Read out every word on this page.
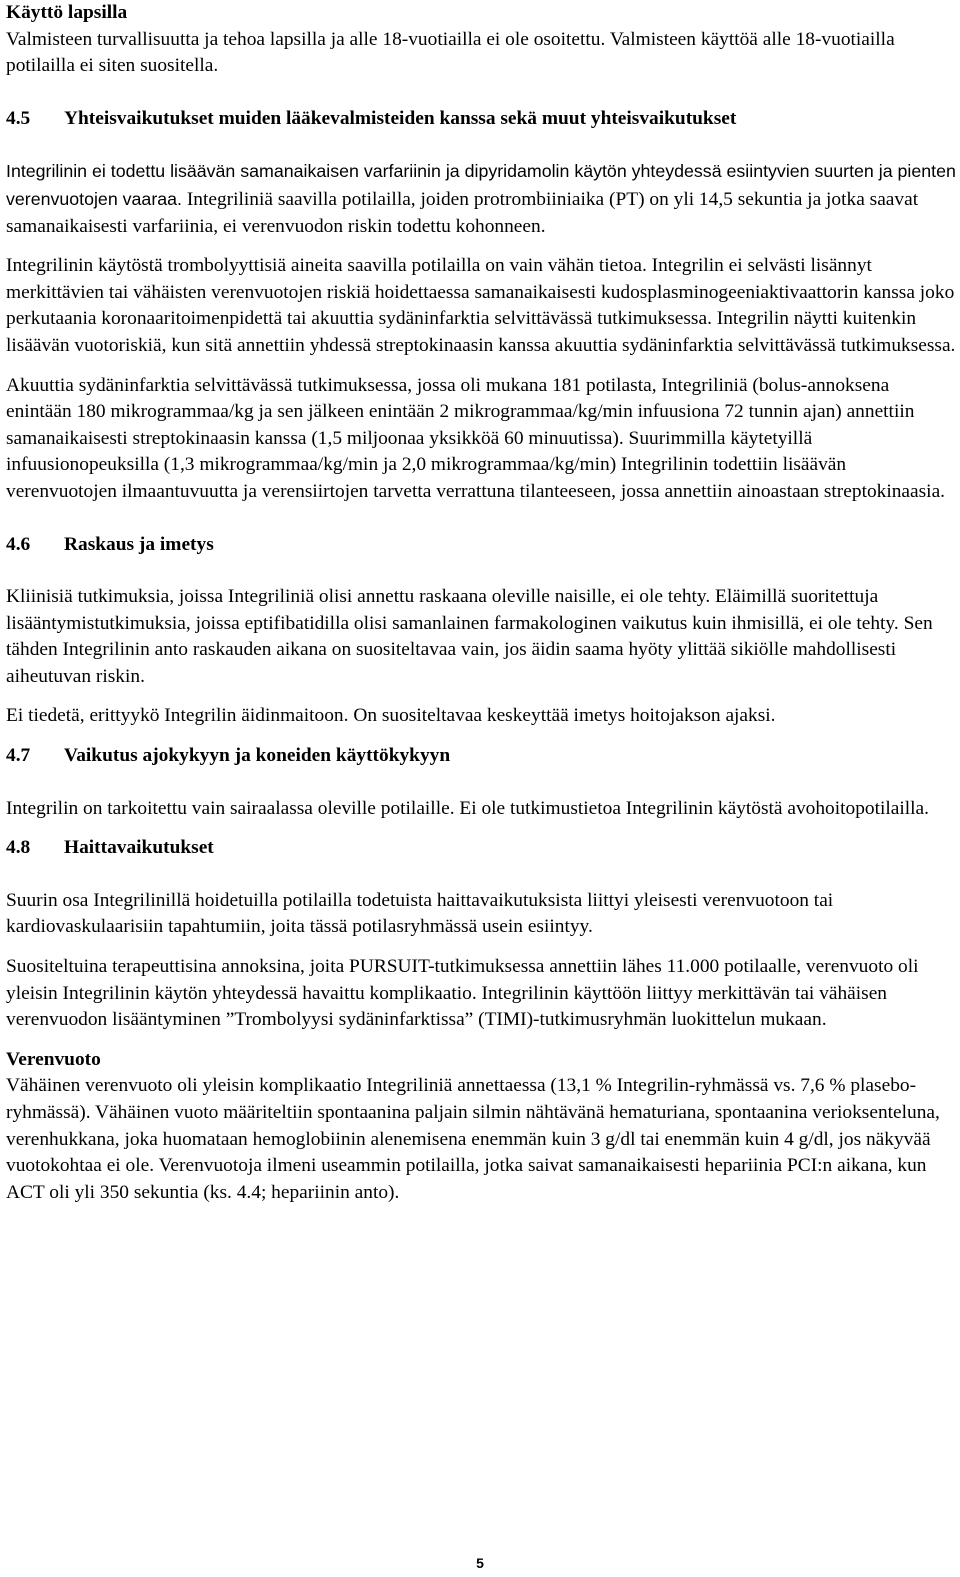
Käyttö lapsilla

Valmisteen turvallisuutta ja tehoa lapsilla ja alle 18-vuotiailla ei ole osoitettu. Valmisteen käyttöä alle 18-vuotiailla potilailla ei siten suositella.

4.5	Yhteisvaikutukset muiden lääkevalmisteiden kanssa sekä muut yhteisvaikutukset

Integrilinin ei todettu lisäävän samanaikaisen varfariinin ja dipyridamolin käytön yhteydessä esiintyvien suurten ja pienten verenvuotojen vaaraa. Integriliniä saavilla potilailla, joiden protrombiiniaika (PT) on yli 14,5 sekuntia ja jotka saavat samanaikaisesti varfariinia, ei verenvuodon riskin todettu kohonneen.

Integrilinin käytöstä trombolyyttisiä aineita saavilla potilailla on vain vähän tietoa. Integrilin ei selvästi lisännyt merkittävien tai vähäisten verenvuotojen riskiä hoidettaessa samanaikaisesti kudosplasminogeeniaktivaattorin kanssa joko perkutaania koronaaritoimenpidettä tai akuuttia sydäninfarktia selvittävässä tutkimuksessa. Integrilin näytti kuitenkin lisäävän vuotoriskiä, kun sitä annettiin yhdessä streptokinaasin kanssa akuuttia sydäninfarktia selvittävässä tutkimuksessa.

Akuuttia sydäninfarktia selvittävässä tutkimuksessa, jossa oli mukana 181 potilasta, Integriliniä (bolus-annoksena enintään 180 mikrogrammaa/kg ja sen jälkeen enintään 2 mikrogrammaa/kg/min infuusiona 72 tunnin ajan) annettiin samanaikaisesti streptokinaasin kanssa (1,5 miljoonaa yksikköä 60 minuutissa). Suurimmilla käytetyillä infuusionopeuksilla (1,3 mikrogrammaa/kg/min ja 2,0 mikrogrammaa/kg/min) Integrilinin todettiin lisäävän verenvuotojen ilmaantuvuutta ja verensiirtojen tarvetta verrattuna tilanteeseen, jossa annettiin ainoastaan streptokinaasia.

4.6	Raskaus ja imetys

Kliinisiä tutkimuksia, joissa Integriliniä olisi annettu raskaana oleville naisille, ei ole tehty. Eläimillä suoritettuja lisääntymistutkimuksia, joissa eptifibatidilla olisi samanlainen farmakologinen vaikutus kuin ihmisillä, ei ole tehty. Sen tähden Integrilinin anto raskauden aikana on suositeltavaa vain, jos äidin saama hyöty ylittää sikiölle mahdollisesti aiheutuvan riskin.

Ei tiedetä, erittyykö Integrilin äidinmaitoon. On suositeltavaa keskeyttää imetys hoitojakson ajaksi.

4.7	Vaikutus ajokykyyn ja koneiden käyttökykyyn

Integrilin on tarkoitettu vain sairaalassa oleville potilaille. Ei ole tutkimustietoa Integrilinin käytöstä avohoitopotilailla.

4.8	Haittavaikutukset

Suurin osa Integrilinillä hoidetuilla potilailla todetuista haittavaikutuksista liittyi yleisesti verenvuotoon tai kardiovaskulaarisiin tapahtumiin, joita tässä potilasryhmässä usein esiintyy.

Suositeltuina terapeuttisina annoksina, joita PURSUIT-tutkimuksessa annettiin lähes 11.000 potilaalle, verenvuoto oli yleisin Integrilinin käytön yhteydessä havaittu komplikaatio. Integrilinin käyttöön liittyy merkittävän tai vähäisen verenvuodon lisääntyminen ”Trombolyysi sydäninfarktissa” (TIMI)-tutkimusryhmän luokittelun mukaan.

Verenvuoto

Vähäinen verenvuoto oli yleisin komplikaatio Integriliniä annettaessa (13,1 % Integrilin-ryhmässä vs. 7,6 % plasebo-ryhmässä). Vähäinen vuoto määriteltiin spontaanina paljain silmin nähtävänä hematuriana, spontaanina verioksenteluna, verenhukkana, joka huomataan hemoglobiinin alenemisena enemmän kuin 3 g/dl tai enemmän kuin 4 g/dl, jos näkyvää vuotokohtaa ei ole. Verenvuotoja ilmeni useammin potilailla, jotka saivat samanaikaisesti hepariinia PCI:n aikana, kun ACT oli yli 350 sekuntia (ks. 4.4; hepariinin anto).

5
